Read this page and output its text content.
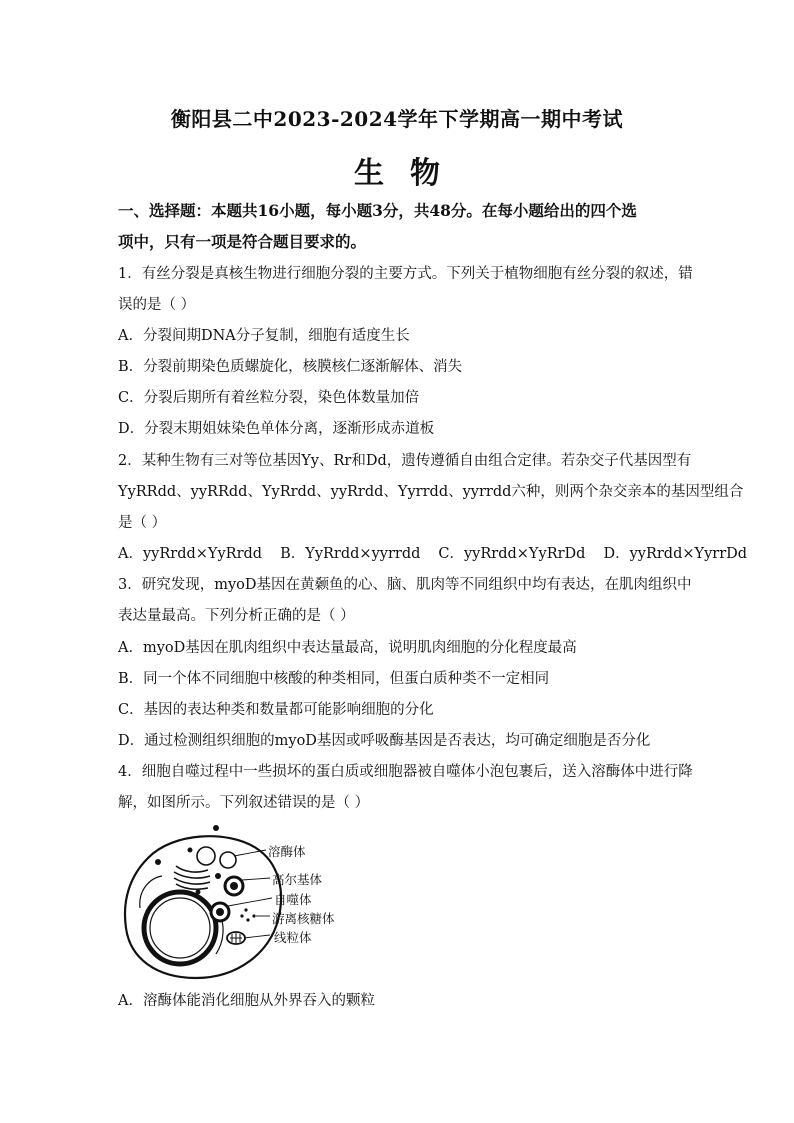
衡阳县二中2023-2024学年下学期高一期中考试
生物
一、选择题：本题共16小题，每小题3分，共48分。在每小题给出的四个选
项中，只有一项是符合题目要求的。
1．有丝分裂是真核生物进行细胞分裂的主要方式。下列关于植物细胞有丝分裂的叙述，错
误的是（ ）
A．分裂间期DNA分子复制，细胞有适度生长
B．分裂前期染色质螺旋化，核膜核仁逐渐解体、消失
C．分裂后期所有着丝粒分裂，染色体数量加倍
D．分裂末期姐妹染色单体分离，逐渐形成赤道板
2．某种生物有三对等位基因Yy、Rr和Dd，遗传遵循自由组合定律。若杂交子代基因型有
YyRRdd、yyRRdd、YyRrdd、yyRrdd、Yyrrdd、yyrrdd六种，则两个杂交亲本的基因型组合
是（ ）
A．yyRrdd×YyRrdd B．YyRrdd×yyrrdd C．yyRrdd×YyRrDd D．yyRrdd×YyrrDd
3．研究发现，myoD基因在黄颡鱼的心、脑、肌肉等不同组织中均有表达，在肌肉组织中
表达量最高。下列分析正确的是（ ）
A．myoD基因在肌肉组织中表达量最高，说明肌肉细胞的分化程度最高
B．同一个体不同细胞中核酸的种类相同，但蛋白质种类不一定相同
C．基因的表达种类和数量都可能影响细胞的分化
D．通过检测组织细胞的myoD基因或呼吸酶基因是否表达，均可确定细胞是否分化
4．细胞自噬过程中一些损坏的蛋白质或细胞器被自噬体小泡包裹后，送入溶酶体中进行降
解，如图所示。下列叙述错误的是（ ）
溶酶体
高尔基体
自噬体
游离核糖体
线粒体
A．溶酶体能消化细胞从外界吞入的颗粒
